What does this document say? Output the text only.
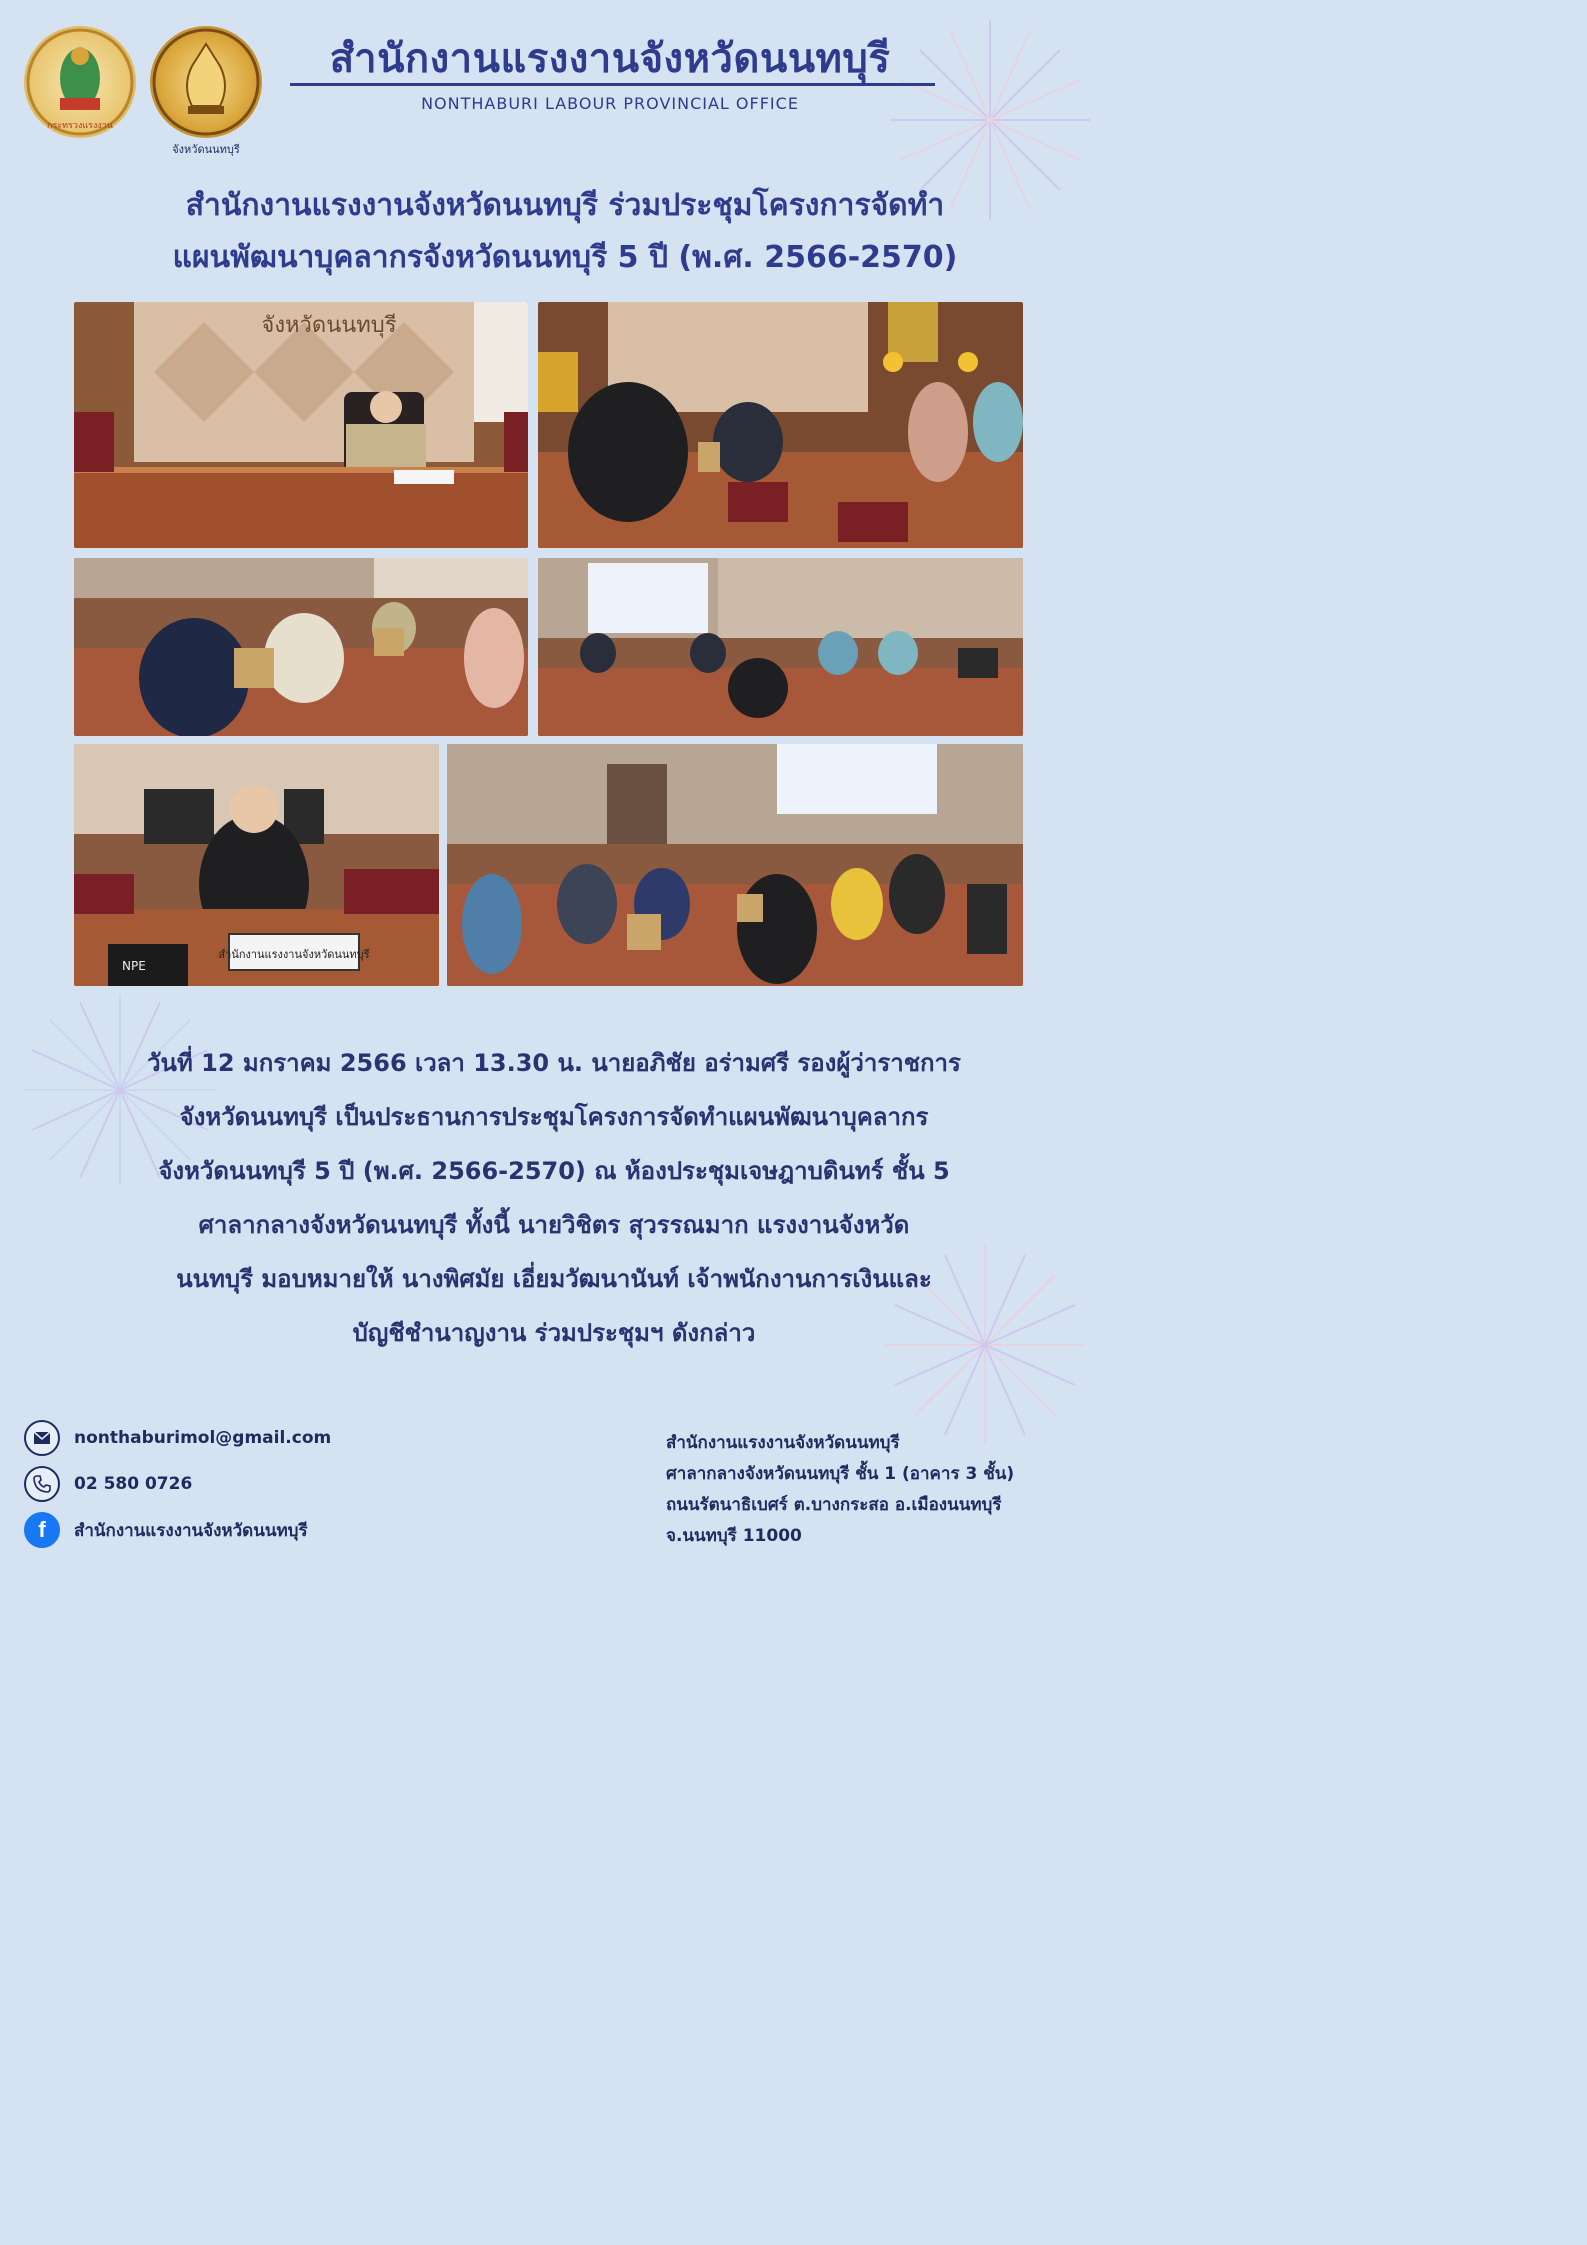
กระทรวงแรงงาน
จังหวัดนนทบุรี
สำนักงานแรงงานจังหวัดนนทบุรี
NONTHABURI LABOUR PROVINCIAL OFFICE
สำนักงานแรงงานจังหวัดนนทบุรี ร่วมประชุมโครงการจัดทำ
แผนพัฒนาบุคลากรจังหวัดนนทบุรี 5 ปี (พ.ศ. 2566-2570)
จังหวัดนนทบุรี
สำนักงานแรงงานจังหวัดนนทบุรี
NPE
วันที่ 12 มกราคม 2566 เวลา 13.30 น. นายอภิชัย อร่ามศรี รองผู้ว่าราชการ
จังหวัดนนทบุรี เป็นประธานการประชุมโครงการจัดทำแผนพัฒนาบุคลากร
จังหวัดนนทบุรี 5 ปี (พ.ศ. 2566-2570) ณ ห้องประชุมเจษฎาบดินทร์ ชั้น 5
ศาลากลางจังหวัดนนทบุรี ทั้งนี้ นายวิชิตร สุวรรณมาก แรงงานจังหวัด
นนทบุรี มอบหมายให้ นางพิศมัย เอี่ยมวัฒนานันท์ เจ้าพนักงานการเงินและ
บัญชีชำนาญงาน ร่วมประชุมฯ ดังกล่าว
nonthaburimol@gmail.com
02 580 0726
f	สำนักงานแรงงานจังหวัดนนทบุรี
สำนักงานแรงงานจังหวัดนนทบุรี
ศาลากลางจังหวัดนนทบุรี ชั้น 1 (อาคาร 3 ชั้น)
ถนนรัตนาธิเบศร์ ต.บางกระสอ อ.เมืองนนทบุรี
จ.นนทบุรี 11000
